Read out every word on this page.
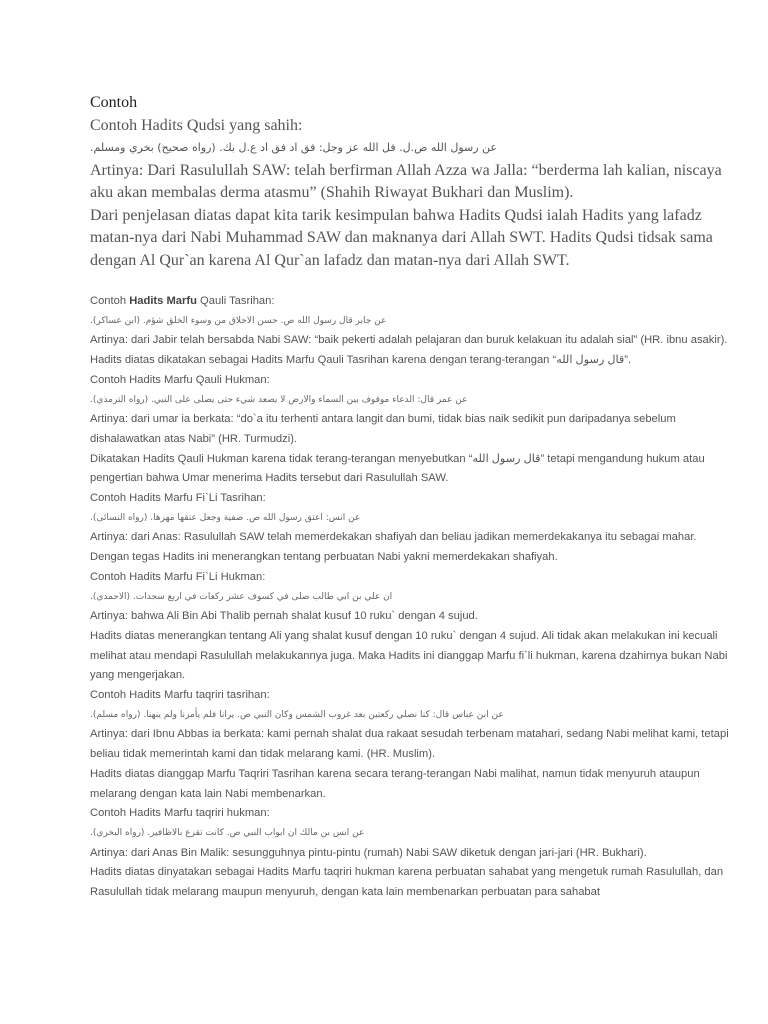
Contoh

Contoh Hadits Qudsi yang sahih:

عن رسول الله ص.ل. فل الله عز وجل: فق اد فق اد ع.ل بك. (رواه صحيح) بخري ومسلم.

Artinya: Dari Rasulullah SAW: telah berfirman Allah Azza wa Jalla: “berderma lah kalian, niscaya aku akan membalas derma atasmu” (Shahih Riwayat Bukhari dan Muslim).

Dari penjelasan diatas dapat kita tarik kesimpulan bahwa Hadits Qudsi ialah Hadits yang lafadz matan-nya dari Nabi Muhammad SAW dan maknanya dari Allah SWT. Hadits Qudsi tidsak sama dengan Al Qur`an karena Al Qur`an lafadz dan matan-nya dari Allah SWT.

Contoh Hadits Marfu Qauli Tasrihan:

عن جابر قال رسول الله ص. حسن الاخلاق من وسوء الخلق شؤم. (ابن عساكر).

Artinya: dari Jabir telah bersabda Nabi SAW: “baik pekerti adalah pelajaran dan buruk kelakuan itu adalah sial” (HR. ibnu asakir).

Hadits diatas dikatakan sebagai Hadits Marfu Qauli Tasrihan karena dengan terang-terangan “قال رسول الله”.

Contoh Hadits Marfu Qauli Hukman:

عن عمر قال: الدعاء موقوف بين السماء والارض لا يصعد شيء حتى يصلى على النبي. (رواه الترمذي).

Artinya: dari umar ia berkata: “do`a itu terhenti antara langit dan bumi, tidak bias naik sedikit pun daripadanya sebelum dishalawatkan atas Nabi” (HR. Turmudzi).

Dikatakan Hadits Qauli Hukman karena tidak terang-terangan menyebutkan “قال رسول الله” tetapi mengandung hukum atau pengertian bahwa Umar menerima Hadits tersebut dari Rasulullah SAW.

Contoh Hadits Marfu Fi`Li Tasrihan:

عن انس: اعتق رسول الله ص. صفية وجعل عتقها مهرها. (رواه النسائى).

Artinya: dari Anas: Rasulullah SAW telah memerdekakan shafiyah dan beliau jadikan memerdekakanya itu sebagai mahar.

Dengan tegas Hadits ini menerangkan tentang perbuatan Nabi yakni memerdekakan shafiyah.

Contoh Hadits Marfu Fi`Li Hukman:

ان علي بن ابي طالب صلى في كسوف عشر ركعات في اربع سجدات. (الاحمدي).

Artinya: bahwa Ali Bin Abi Thalib pernah shalat kusuf 10 ruku` dengan 4 sujud.

Hadits diatas menerangkan tentang Ali yang shalat kusuf dengan 10 ruku` dengan 4 sujud. Ali tidak akan melakukan ini kecuali melihat atau mendapi Rasulullah melakukannya juga. Maka Hadits ini dianggap Marfu fi`li hukman, karena dzahirnya bukan Nabi yang mengerjakan.

Contoh Hadits Marfu taqriri tasrihan:

عن ابن عباس قال: كنا نصلي ركعتين بعد غروب الشمس وكان النبي ص. يرانا فلم يأمرنا ولم ينهنا. (رواه مسلم).

Artinya: dari Ibnu Abbas ia berkata: kami pernah shalat dua rakaat sesudah terbenam matahari, sedang Nabi melihat kami, tetapi beliau tidak memerintah kami dan tidak melarang kami. (HR. Muslim).

Hadits diatas dianggap Marfu Taqriri Tasrihan karena secara terang-terangan Nabi malihat, namun tidak menyuruh ataupun melarang dengan kata lain Nabi membenarkan.

Contoh Hadits Marfu taqriri hukman:

عن انس بن مالك ان ابواب النبي ص. كانت تقرع بالاظافير. (رواه البخري).

Artinya: dari Anas Bin Malik: sesungguhnya pintu-pintu (rumah) Nabi SAW diketuk dengan jari-jari (HR. Bukhari).

Hadits diatas dinyatakan sebagai Hadits Marfu taqriri hukman karena perbuatan sahabat yang mengetuk rumah Rasulullah, dan Rasulullah tidak melarang maupun menyuruh, dengan kata lain membenarkan perbuatan para sahabat
